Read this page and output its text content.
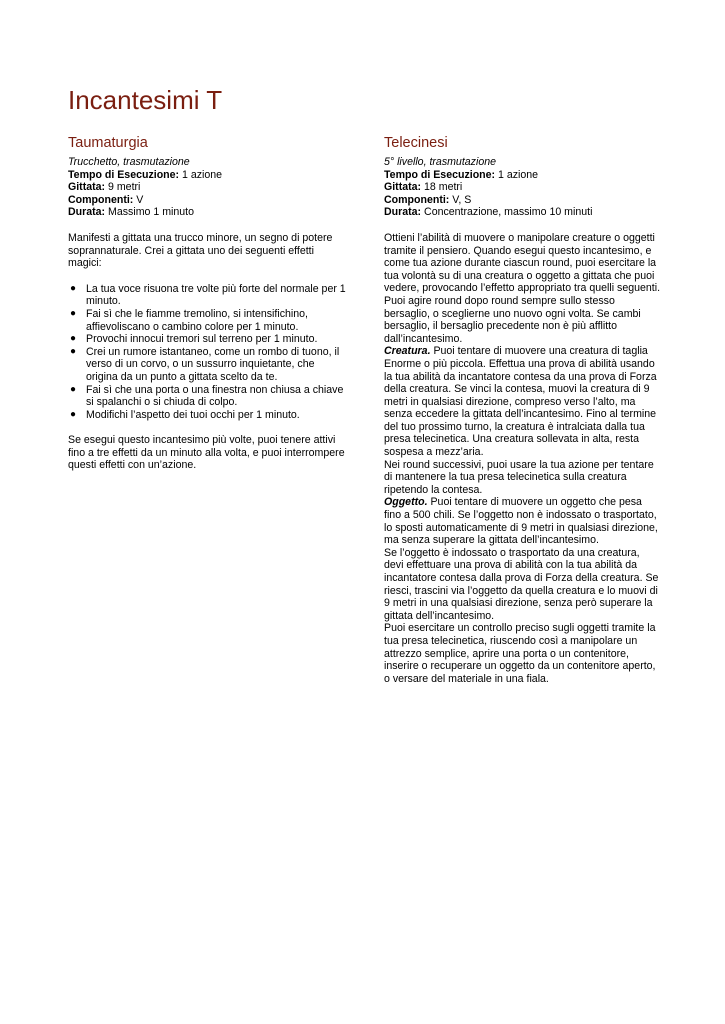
Incantesimi T
Taumaturgia

Trucchetto, trasmutazione

Tempo di Esecuzione: 1 azione

Gittata: 9 metri

Componenti: V

Durata: Massimo 1 minuto

Manifesti a gittata una trucco minore, un segno di potere soprannaturale. Crei a gittata uno dei seguenti effetti magici:

● La tua voce risuona tre volte più forte del normale per 1 minuto.
● Fai sì che le fiamme tremolino, si intensifichino, affievoliscano o cambino colore per 1 minuto.
● Provochi innocui tremori sul terreno per 1 minuto.
● Crei un rumore istantaneo, come un rombo di tuono, il verso di un corvo, o un sussurro inquietante, che origina da un punto a gittata scelto da te.
● Fai sì che una porta o una finestra non chiusa a chiave si spalanchi o si chiuda di colpo.
● Modifichi l’aspetto dei tuoi occhi per 1 minuto.

Se esegui questo incantesimo più volte, puoi tenere attivi fino a tre effetti da un minuto alla volta, e puoi interrompere questi effetti con un’azione.

Telecinesi

5° livello, trasmutazione

Tempo di Esecuzione: 1 azione

Gittata: 18 metri

Componenti: V, S

Durata: Concentrazione, massimo 10 minuti

Ottieni l’abilità di muovere o manipolare creature o oggetti tramite il pensiero. Quando esegui questo incantesimo, e come tua azione durante ciascun round, puoi esercitare la tua volontà su di una creatura o oggetto a gittata che puoi vedere, provocando l’effetto appropriato tra quelli seguenti. Puoi agire round dopo round sempre sullo stesso bersaglio, o sceglierne uno nuovo ogni volta. Se cambi bersaglio, il bersaglio precedente non è più afflitto dall’incantesimo.

Creatura. Puoi tentare di muovere una creatura di taglia Enorme o più piccola. Effettua una prova di abilità usando la tua abilità da incantatore contesa da una prova di Forza della creatura. Se vinci la contesa, muovi la creatura di 9 metri in qualsiasi direzione, compreso verso l’alto, ma senza eccedere la gittata dell’incantesimo. Fino al termine del tuo prossimo turno, la creatura è intralciata dalla tua presa telecinetica. Una creatura sollevata in alta, resta sospesa a mezz’aria.

Nei round successivi, puoi usare la tua azione per tentare di mantenere la tua presa telecinetica sulla creatura ripetendo la contesa.

Oggetto. Puoi tentare di muovere un oggetto che pesa fino a 500 chili. Se l’oggetto non è indossato o trasportato, lo sposti automaticamente di 9 metri in qualsiasi direzione, ma senza superare la gittata dell’incantesimo.

Se l’oggetto è indossato o trasportato da una creatura, devi effettuare una prova di abilità con la tua abilità da incantatore contesa dalla prova di Forza della creatura. Se riesci, trascini via l’oggetto da quella creatura e lo muovi di 9 metri in una qualsiasi direzione, senza però superare la gittata dell’incantesimo.

Puoi esercitare un controllo preciso sugli oggetti tramite la tua presa telecinetica, riuscendo così a manipolare un attrezzo semplice, aprire una porta o un contenitore, inserire o recuperare un oggetto da un contenitore aperto, o versare del materiale in una fiala.
